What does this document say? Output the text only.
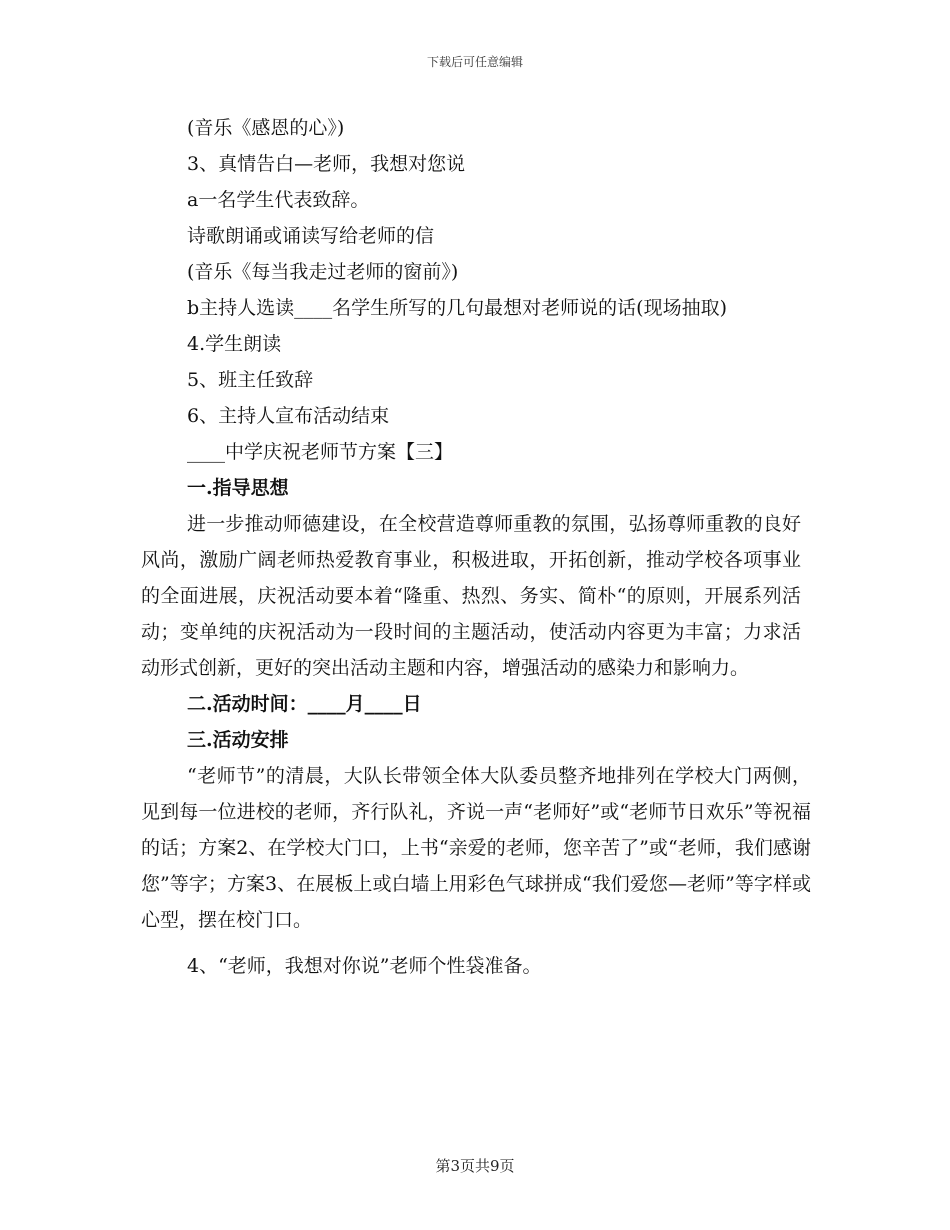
下载后可任意编辑
(音乐《感恩的心》)
3、真情告白—老师，我想对您说
a一名学生代表致辞。
诗歌朗诵或诵读写给老师的信
(音乐《每当我走过老师的窗前》)
b主持人选读____名学生所写的几句最想对老师说的话(现场抽取)
4.学生朗读
5、班主任致辞
6、主持人宣布活动结束
____中学庆祝老师节方案【三】
一.指导思想

进一步推动师德建设，在全校营造尊师重教的氛围，弘扬尊师重教的良好风尚，激励广阔老师热爱教育事业，积极进取，开拓创新，推动学校各项事业的全面进展，庆祝活动要本着“隆重、热烈、务实、简朴“的原则，开展系列活动；变单纯的庆祝活动为一段时间的主题活动，使活动内容更为丰富；力求活动形式创新，更好的突出活动主题和内容，增强活动的感染力和影响力。

二.活动时间：____月____日
三.活动安排

“老师节”的清晨，大队长带领全体大队委员整齐地排列在学校大门两侧，见到每一位进校的老师，齐行队礼，齐说一声“老师好”或“老师节日欢乐”等祝福的话；方案2、在学校大门口，上书“亲爱的老师，您辛苦了”或“老师，我们感谢您”等字；方案3、在展板上或白墙上用彩色气球拼成“我们爱您—老师”等字样或心型，摆在校门口。

4、“老师，我想对你说”老师个性袋准备。
第3页共9页
